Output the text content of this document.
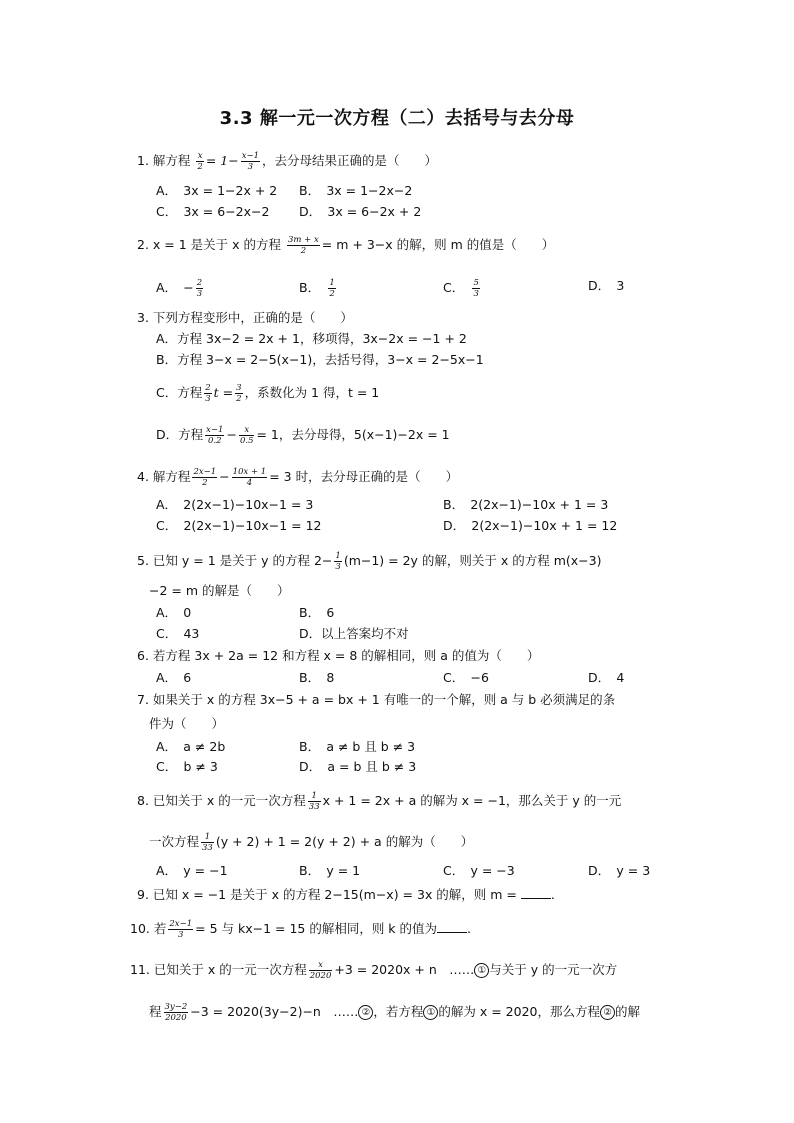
3.3 解一元一次方程（二）去括号与去分母
1. 解方程 $\frac{x}{2} = 1- \frac{x-1}{3}$ ，去分母结果正确的是（　　）
A．　3x = 1−2x + 2 B．　3x = 1−2x−2
C．　3x = 6−2x−2 D．　3x = 6−2x + 2
2. x = 1 是关于 x 的方程 $\frac{3m + x}{2} = m + 3-x$ 的解，则 m 的值是（　　）
A．　− $\frac{2}{3}$	B．　 $\frac{1}{2}$	C．　 $\frac{5}{3}$	D．　3
3. 下列方程变形中，正确的是（　　）
A．方程 3x−2 = 2x + 1，移项得，3x−2x = −1 + 2
B．方程 3−x = 2−5(x−1)，去括号得，3−x = 2−5x−1
C．方程 $\frac{2}{3}$ $t = \frac{3}{2}$ ，系数化为 1 得，t = 1
D．方程 $\frac{x-1}{0.2} - \frac{x}{0.5} = 1$，去分母得，5(x−1)−2x = 1
4. 解方程 $\frac{2x-1}{2} - \frac{10x + 1}{4} = 3$ 时，去分母正确的是（　　）
A．　2(2x−1)−10x−1 = 3	B．　2(2x−1)−10x + 1 = 3
C．　2(2x−1)−10x−1 = 12	D．　2(2x−1)−10x + 1 = 12
5. 已知 y = 1 是关于 y 的方程 $2- \frac{1}{3} (m-1) = 2y$ 的解，则关于 x 的方程 m(x−3)
−2 = m 的解是（　　）
A．　0	B．　6
C．　43	D．以上答案均不对
6. 若方程 3x + 2a = 12 和方程 x = 8 的解相同，则 a 的值为（　　）
A．　6	B．　8	C．　−6	D．　4
7. 如果关于 x 的方程 3x−5 + a = bx + 1 有唯一的一个解，则 a 与 b 必须满足的条
件为（　　）
A．　a ≠ 2b	B．　a ≠ b 且 b ≠ 3
C．　b ≠ 3	D．　a = b 且 b ≠ 3
8. 已知关于 x 的一元一次方程 $\frac{1}{33}$ x + 1 = 2x + a 的解为 x = −1，那么关于 y 的一元
一次方程 $\frac{1}{33} (y + 2) + 1 = 2(y + 2) + a$ 的解为（　　）
A．　y = −1	B．　y = 1	C．　y = −3	D．　y = 3
9. 已知 x = −1 是关于 x 的方程 2−15(m−x) = 3x 的解，则 m =	.
10. 若 $\frac{2x-1}{3} = 5$ 与 kx−1 = 15 的解相同，则 k 的值为 .
11. 已知关于 x 的一元一次方程 $\frac{x}{2020} +3 = 2020x + n$　…… ① 与关于 y 的一元一次方
程 $\frac{3y-2}{2020} -3 = 2020(3y-2)-n$　…… ② ，若方程 ① 的解为 x = 2020，那么方程 ② 的解
